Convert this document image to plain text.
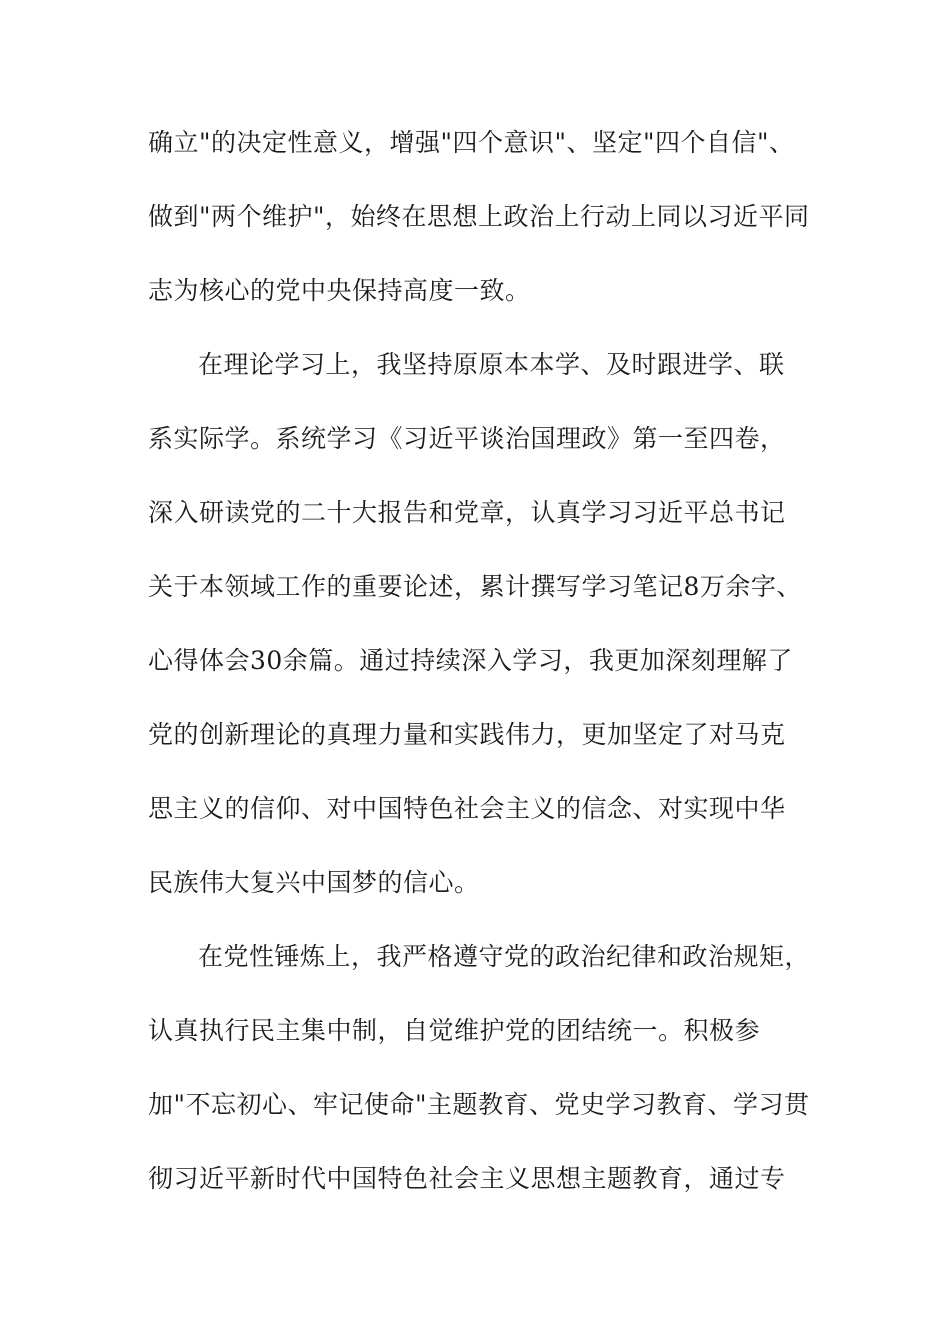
确立"的决定性意义，增强"四个意识"、坚定"四个自信"、
做到"两个维护"，始终在思想上政治上行动上同以习近平同
志为核心的党中央保持高度一致。
在理论学习上，我坚持原原本本学、及时跟进学、联
系实际学。系统学习《习近平谈治国理政》第一至四卷，
深入研读党的二十大报告和党章，认真学习习近平总书记
关于本领域工作的重要论述，累计撰写学习笔记8万余字、
心得体会30余篇。通过持续深入学习，我更加深刻理解了
党的创新理论的真理力量和实践伟力，更加坚定了对马克
思主义的信仰、对中国特色社会主义的信念、对实现中华
民族伟大复兴中国梦的信心。
在党性锤炼上，我严格遵守党的政治纪律和政治规矩，
认真执行民主集中制，自觉维护党的团结统一。积极参
加"不忘初心、牢记使命"主题教育、党史学习教育、学习贯
彻习近平新时代中国特色社会主义思想主题教育，通过专
